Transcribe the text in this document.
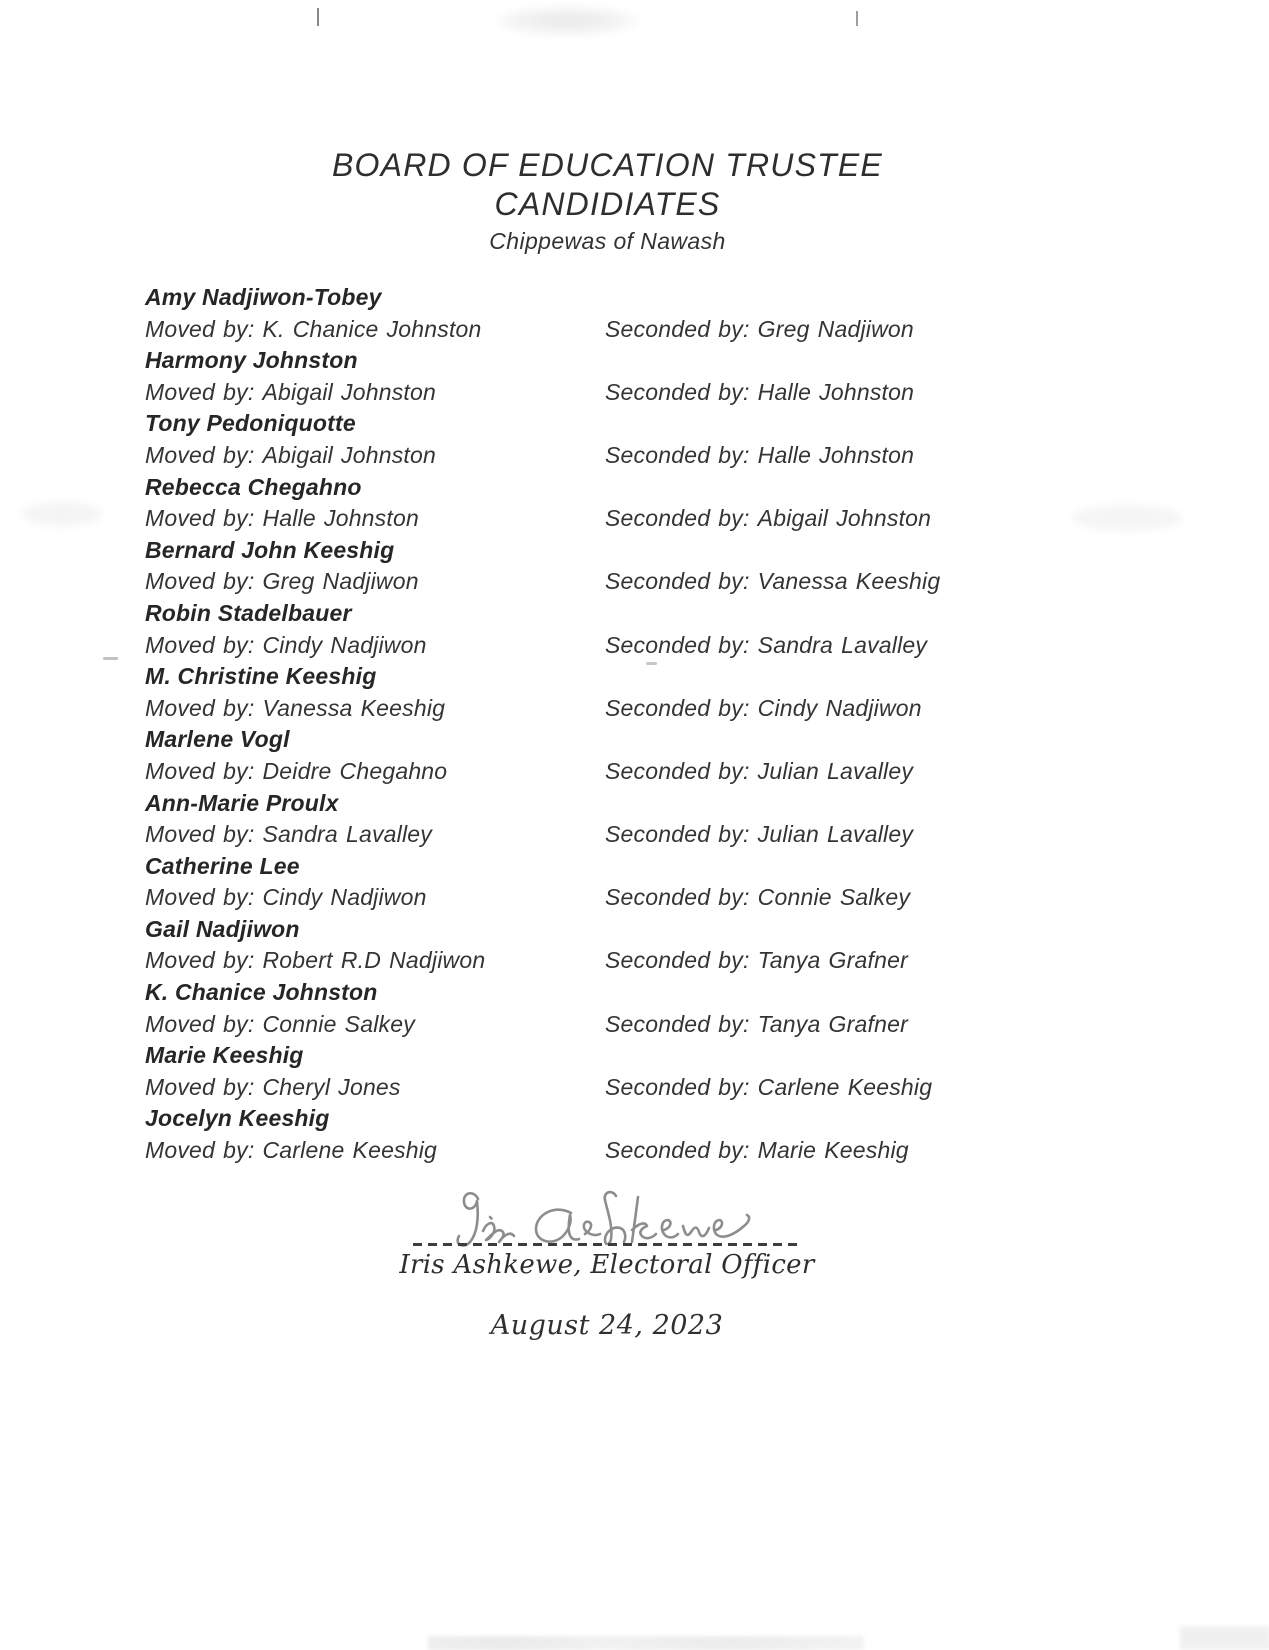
BOARD OF EDUCATION TRUSTEE
CANDIDIATES
Chippewas of Nawash
Amy Nadjiwon-Tobey
Moved by: K. Chanice Johnston	Seconded by: Greg Nadjiwon
Harmony Johnston
Moved by: Abigail Johnston	Seconded by: Halle Johnston
Tony Pedoniquotte
Moved by: Abigail Johnston	Seconded by: Halle Johnston
Rebecca Chegahno
Moved by: Halle Johnston	Seconded by: Abigail Johnston
Bernard John Keeshig
Moved by: Greg Nadjiwon	Seconded by: Vanessa Keeshig
Robin Stadelbauer
Moved by: Cindy Nadjiwon	Seconded by: Sandra Lavalley
M. Christine Keeshig
Moved by: Vanessa Keeshig	Seconded by: Cindy Nadjiwon
Marlene Vogl
Moved by: Deidre Chegahno	Seconded by: Julian Lavalley
Ann-Marie Proulx
Moved by: Sandra Lavalley	Seconded by: Julian Lavalley
Catherine Lee
Moved by: Cindy Nadjiwon	Seconded by: Connie Salkey
Gail Nadjiwon
Moved by: Robert R.D Nadjiwon	Seconded by: Tanya Grafner
K. Chanice Johnston
Moved by: Connie Salkey	Seconded by: Tanya Grafner
Marie Keeshig
Moved by: Cheryl Jones	Seconded by: Carlene Keeshig
Jocelyn Keeshig
Moved by: Carlene Keeshig	Seconded by: Marie Keeshig
Iris Ashkewe, Electoral Officer
August 24, 2023
